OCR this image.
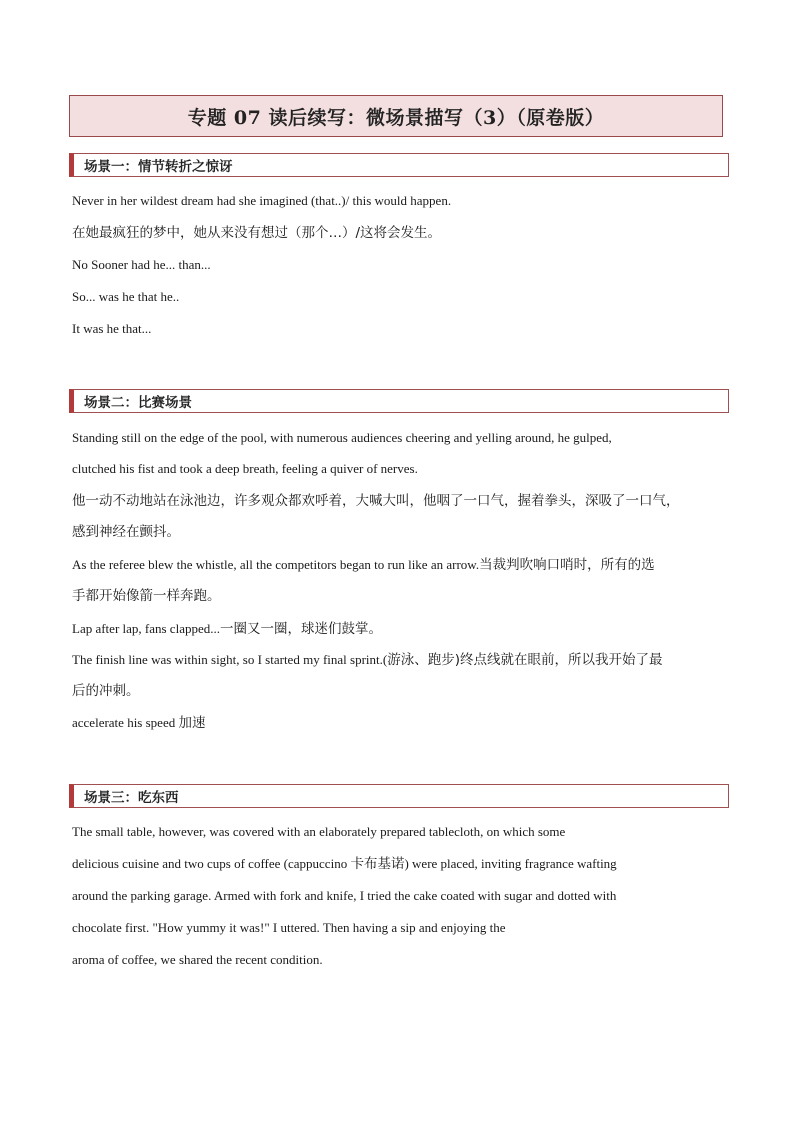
专题 07 读后续写：微场景描写（3）（原卷版）
场景一：情节转折之惊讶
Never in her wildest dream had she imagined (that..)/ this would happen.
在她最疯狂的梦中，她从来没有想过（那个…）/这将会发生。
No Sooner had he... than...
So... was he that he..
It was he that...
场景二：比赛场景
Standing still on the edge of the pool, with numerous audiences cheering and yelling around, he gulped,
clutched his fist and took a deep breath, feeling a quiver of nerves.
他一动不动地站在泳池边，许多观众都欢呼着，大喊大叫，他咽了一口气，握着拳头，深吸了一口气，
感到神经在颤抖。
As the referee blew the whistle, all the competitors began to run like an arrow.当裁判吹响口哨时，所有的选
手都开始像箭一样奔跑。
Lap after lap, fans clapped...一圈又一圈，球迷们鼓掌。
The finish line was within sight, so I started my final sprint.(游泳、跑步)终点线就在眼前，所以我开始了最
后的冲刺。
accelerate his speed 加速
场景三：吃东西
The small table, however, was covered with an elaborately prepared tablecloth, on which some
delicious cuisine and two cups of coffee (cappuccino 卡布基诺) were placed, inviting fragrance wafting
around the parking garage. Armed with fork and knife, I tried the cake coated with sugar and dotted with
chocolate first. "How yummy it was!" I uttered. Then having a sip and enjoying the
aroma of coffee, we shared the recent condition.
